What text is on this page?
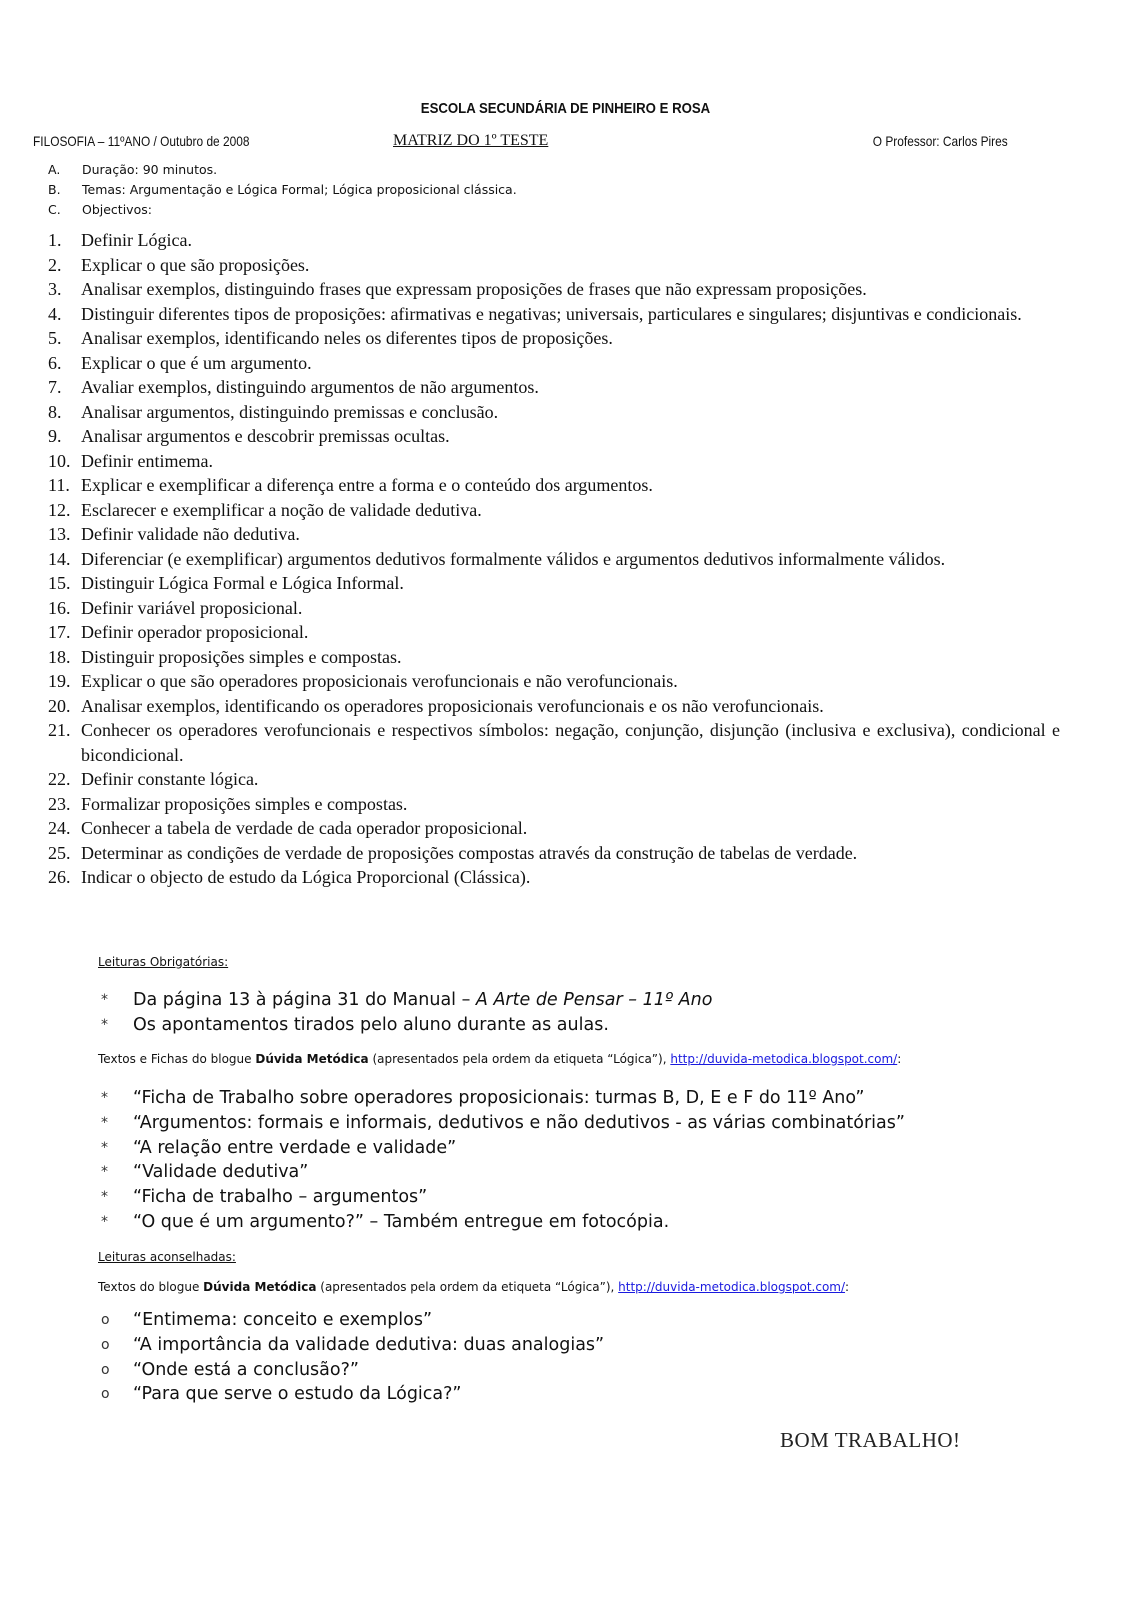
ESCOLA SECUNDÁRIA DE PINHEIRO E ROSA
FILOSOFIA – 11ºANO / Outubro de 2008	MATRIZ DO 1º TESTE	O Professor: Carlos Pires
A.	Duração: 90 minutos.
B.	Temas: Argumentação e Lógica Formal; Lógica proposicional clássica.
C.	Objectivos:
1.	Definir Lógica.
2.	Explicar o que são proposições.
3.	Analisar exemplos, distinguindo frases que expressam proposições de frases que não expressam proposições.
4.	Distinguir diferentes tipos de proposições: afirmativas e negativas; universais, particulares e singulares; disjuntivas e condicionais.
5.	Analisar exemplos, identificando neles os diferentes tipos de proposições.
6.	Explicar o que é um argumento.
7.	Avaliar exemplos, distinguindo argumentos de não argumentos.
8.	Analisar argumentos, distinguindo premissas e conclusão.
9.	Analisar argumentos e descobrir premissas ocultas.
10. Definir entimema.
11. Explicar e exemplificar a diferença entre a forma e o conteúdo dos argumentos.
12. Esclarecer e exemplificar a noção de validade dedutiva.
13. Definir validade não dedutiva.
14. Diferenciar (e exemplificar) argumentos dedutivos formalmente válidos e argumentos dedutivos informalmente válidos.
15. Distinguir Lógica Formal e Lógica Informal.
16. Definir variável proposicional.
17. Definir operador proposicional.
18. Distinguir proposições simples e compostas.
19. Explicar o que são operadores proposicionais verofuncionais e não verofuncionais.
20. Analisar exemplos, identificando os operadores proposicionais verofuncionais e os não verofuncionais.
21. Conhecer os operadores verofuncionais e respectivos símbolos: negação, conjunção, disjunção (inclusiva e exclusiva), condicional e bicondicional.
22. Definir constante lógica.
23. Formalizar proposições simples e compostas.
24. Conhecer a tabela de verdade de cada operador proposicional.
25. Determinar as condições de verdade de proposições compostas através da construção de tabelas de verdade.
26. Indicar o objecto de estudo da Lógica Proporcional (Clássica).
Leituras Obrigatórias:
*	Da página 13 à página 31 do Manual – A Arte de Pensar – 11º Ano
*	Os apontamentos tirados pelo aluno durante as aulas.
Textos e Fichas do blogue Dúvida Metódica (apresentados pela ordem da etiqueta “Lógica”), http://duvida-metodica.blogspot.com/:
*	“Ficha de Trabalho sobre operadores proposicionais: turmas B, D, E e F do 11º Ano”
*	“Argumentos: formais e informais, dedutivos e não dedutivos - as várias combinatórias”
*	“A relação entre verdade e validade”
*	“Validade dedutiva”
*	“Ficha de trabalho – argumentos”
*	“O que é um argumento?” – Também entregue em fotocópia.
Leituras aconselhadas:
Textos do blogue Dúvida Metódica (apresentados pela ordem da etiqueta “Lógica”), http://duvida-metodica.blogspot.com/:
o	“Entimema: conceito e exemplos”
o	“A importância da validade dedutiva: duas analogias”
o	“Onde está a conclusão?”
o	“Para que serve o estudo da Lógica?”
BOM TRABALHO!
